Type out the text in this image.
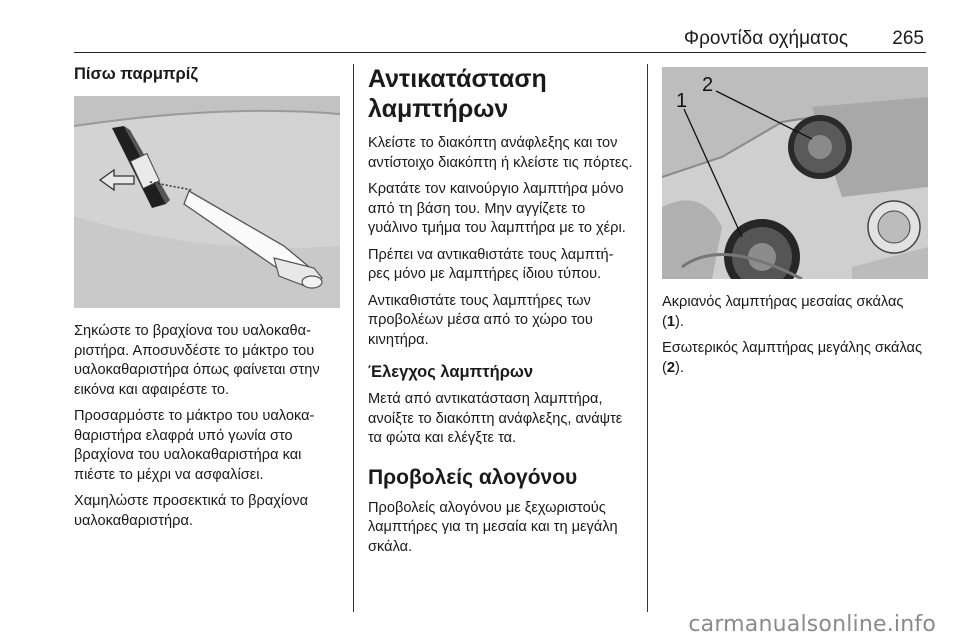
Φροντίδα οχήματος 265
Πίσω παρμπρίζ

Σηκώστε το βραχίονα του υαλοκαθα-ριστήρα. Αποσυνδέστε το μάκτρο του υαλοκαθαριστήρα όπως φαίνεται στην εικόνα και αφαιρέστε το.

Προσαρμόστε το μάκτρο του υαλοκα-θαριστήρα ελαφρά υπό γωνία στο βραχίονα του υαλοκαθαριστήρα και πιέστε το μέχρι να ασφαλίσει.

Χαμηλώστε προσεκτικά το βραχίονα υαλοκαθαριστήρα.

Αντικατάσταση λαμπτήρων

Κλείστε το διακόπτη ανάφλεξης και τον αντίστοιχο διακόπτη ή κλείστε τις πόρτες.

Κρατάτε τον καινούργιο λαμπτήρα μόνο από τη βάση του. Μην αγγίζετε το γυάλινο τμήμα του λαμπτήρα με το χέρι.

Πρέπει να αντικαθιστάτε τους λαμπτή-ρες μόνο με λαμπτήρες ίδιου τύπου.

Αντικαθιστάτε τους λαμπτήρες των προβολέων μέσα από το χώρο του κινητήρα.

Έλεγχος λαμπτήρων

Μετά από αντικατάσταση λαμπτήρα, ανοίξτε το διακόπτη ανάφλεξης, ανάψτε τα φώτα και ελέγξτε τα.

Προβολείς αλογόνου

Προβολείς αλογόνου με ξεχωριστούς λαμπτήρες για τη μεσαία και τη μεγάλη σκάλα.

1
2

Ακριανός λαμπτήρας μεσαίας σκάλας (1).

Εσωτερικός λαμπτήρας μεγάλης σκάλας (2).

carmanualsonline.info
